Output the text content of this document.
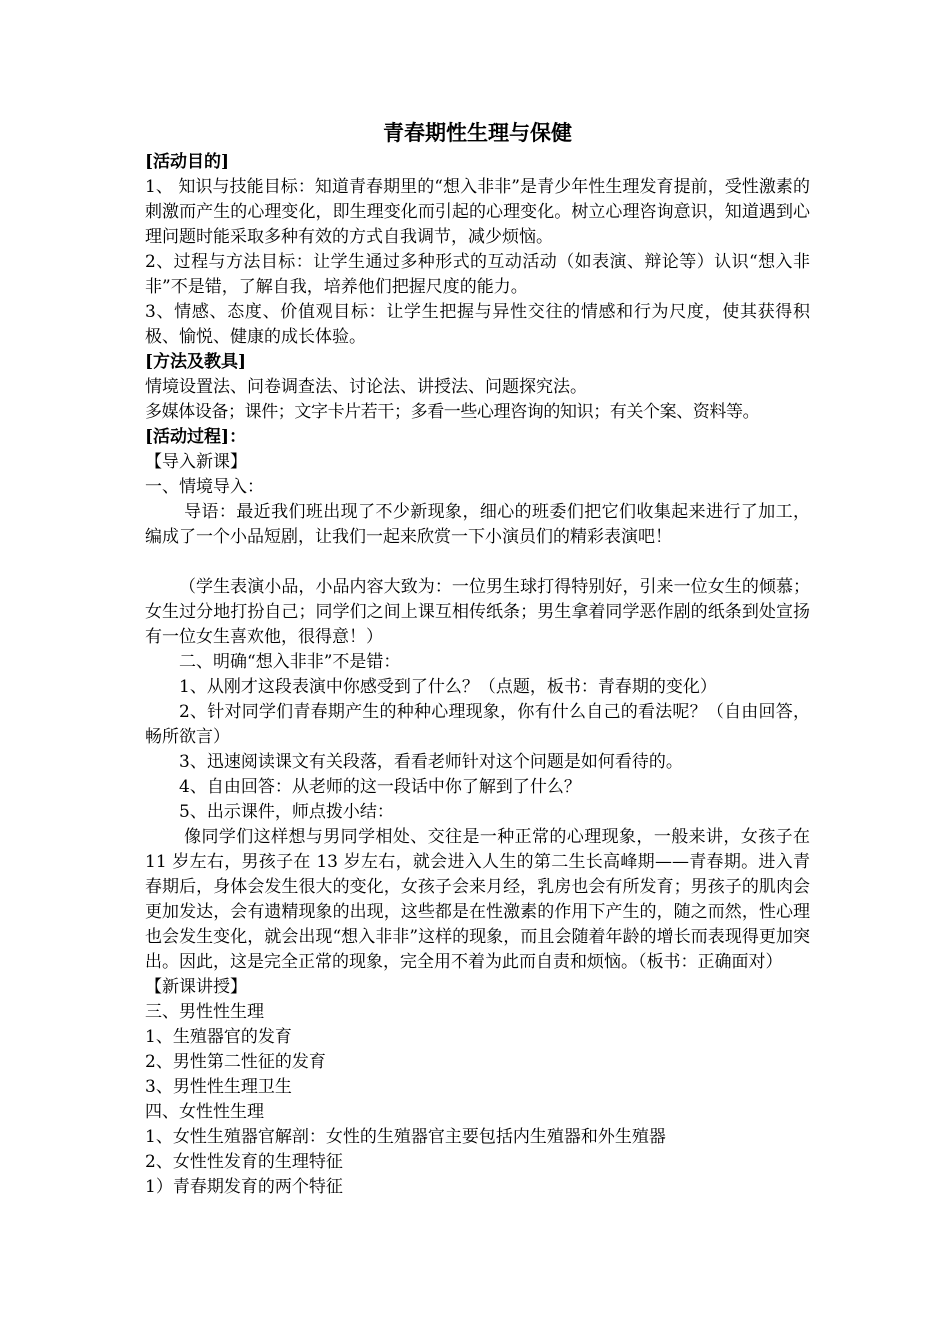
青春期性生理与保健

[活动目的]

1、 知识与技能目标：知道青春期里的“想入非非”是青少年性生理发育提前，受性激素的刺激而产生的心理变化，即生理变化而引起的心理变化。树立心理咨询意识，知道遇到心理问题时能采取多种有效的方式自我调节，减少烦恼。

2、过程与方法目标：让学生通过多种形式的互动活动（如表演、辩论等）认识“想入非非”不是错，了解自我，培养他们把握尺度的能力。

3、情感、态度、价值观目标：让学生把握与异性交往的情感和行为尺度，使其获得积极、愉悦、健康的成长体验。

[方法及教具]

情境设置法、问卷调查法、讨论法、讲授法、问题探究法。

多媒体设备；课件；文字卡片若干；多看一些心理咨询的知识；有关个案、资料等。

[活动过程]：

【导入新课】

一、情境导入：

导语：最近我们班出现了不少新现象，细心的班委们把它们收集起来进行了加工，编成了一个小品短剧，让我们一起来欣赏一下小演员们的精彩表演吧！

（学生表演小品，小品内容大致为：一位男生球打得特别好，引来一位女生的倾慕；女生过分地打扮自己；同学们之间上课互相传纸条；男生拿着同学恶作剧的纸条到处宣扬有一位女生喜欢他，很得意！）

二、明确“想入非非”不是错：

1、从刚才这段表演中你感受到了什么？（点题，板书：青春期的变化）

2、针对同学们青春期产生的种种心理现象，你有什么自己的看法呢？（自由回答，畅所欲言）

3、迅速阅读课文有关段落，看看老师针对这个问题是如何看待的。

4、自由回答：从老师的这一段话中你了解到了什么？

5、出示课件，师点拨小结：

像同学们这样想与男同学相处、交往是一种正常的心理现象，一般来讲，女孩子在 11 岁左右，男孩子在 13 岁左右，就会进入人生的第二生长高峰期——青春期。进入青春期后，身体会发生很大的变化，女孩子会来月经，乳房也会有所发育；男孩子的肌肉会更加发达，会有遗精现象的出现，这些都是在性激素的作用下产生的，随之而然，性心理也会发生变化，就会出现“想入非非”这样的现象，而且会随着年龄的增长而表现得更加突出。因此，这是完全正常的现象，完全用不着为此而自责和烦恼。（板书：正确面对）

【新课讲授】

三、男性性生理

1、生殖器官的发育

2、男性第二性征的发育

3、男性性生理卫生

四、女性性生理

1、女性生殖器官解剖：女性的生殖器官主要包括内生殖器和外生殖器

2、女性性发育的生理特征

1）青春期发育的两个特征
